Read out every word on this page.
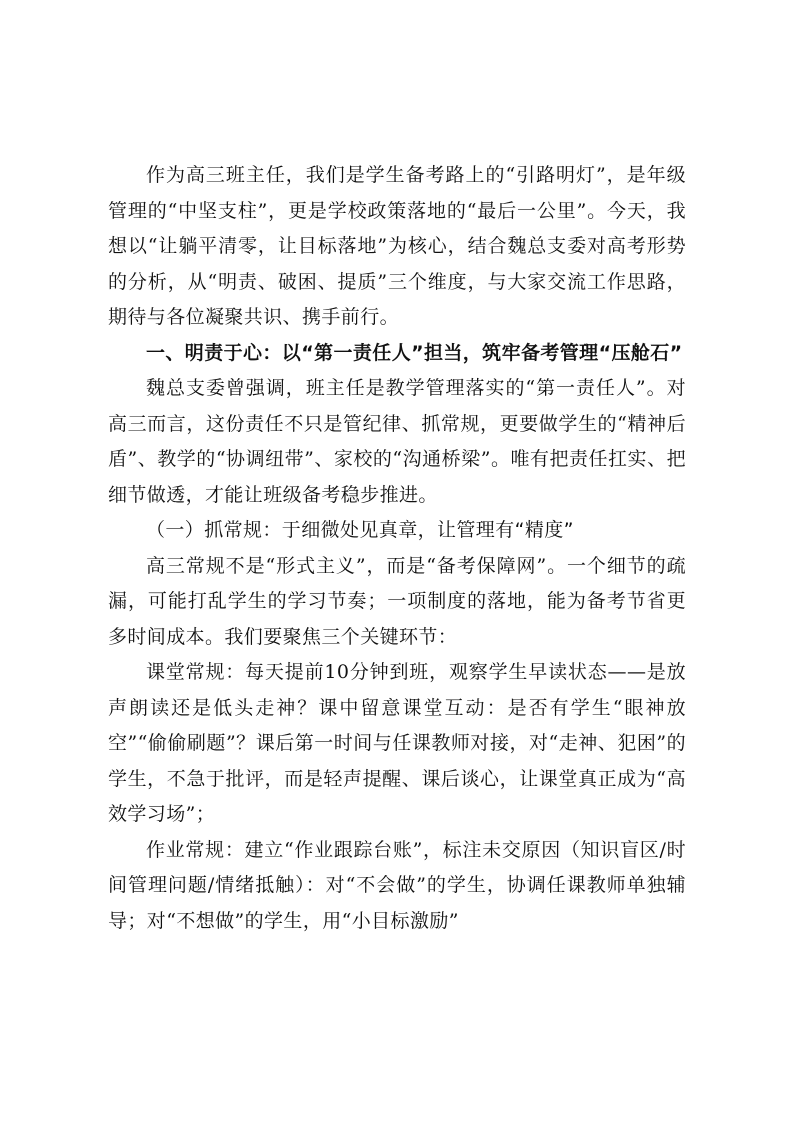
作为高三班主任，我们是学生备考路上的“引路明灯”，是年级管理的“中坚支柱”，更是学校政策落地的“最后一公里”。今天，我想以“让躺平清零，让目标落地”为核心，结合魏总支委对高考形势的分析，从“明责、破困、提质”三个维度，与大家交流工作思路，期待与各位凝聚共识、携手前行。

一、明责于心：以“第一责任人”担当，筑牢备考管理“压舱石”

魏总支委曾强调，班主任是教学管理落实的“第一责任人”。对高三而言，这份责任不只是管纪律、抓常规，更要做学生的“精神后盾”、教学的“协调纽带”、家校的“沟通桥梁”。唯有把责任扛实、把细节做透，才能让班级备考稳步推进。

（一）抓常规：于细微处见真章，让管理有“精度”

高三常规不是“形式主义”，而是“备考保障网”。一个细节的疏漏，可能打乱学生的学习节奏；一项制度的落地，能为备考节省更多时间成本。我们要聚焦三个关键环节：

课堂常规：每天提前10分钟到班，观察学生早读状态——是放声朗读还是低头走神？课中留意课堂互动：是否有学生“眼神放空”“偷偷刷题”？课后第一时间与任课教师对接，对“走神、犯困”的学生，不急于批评，而是轻声提醒、课后谈心，让课堂真正成为“高效学习场”；

作业常规：建立“作业跟踪台账”，标注未交原因（知识盲区/时间管理问题/情绪抵触）：对“不会做”的学生，协调任课教师单独辅导；对“不想做”的学生，用“小目标激励”
